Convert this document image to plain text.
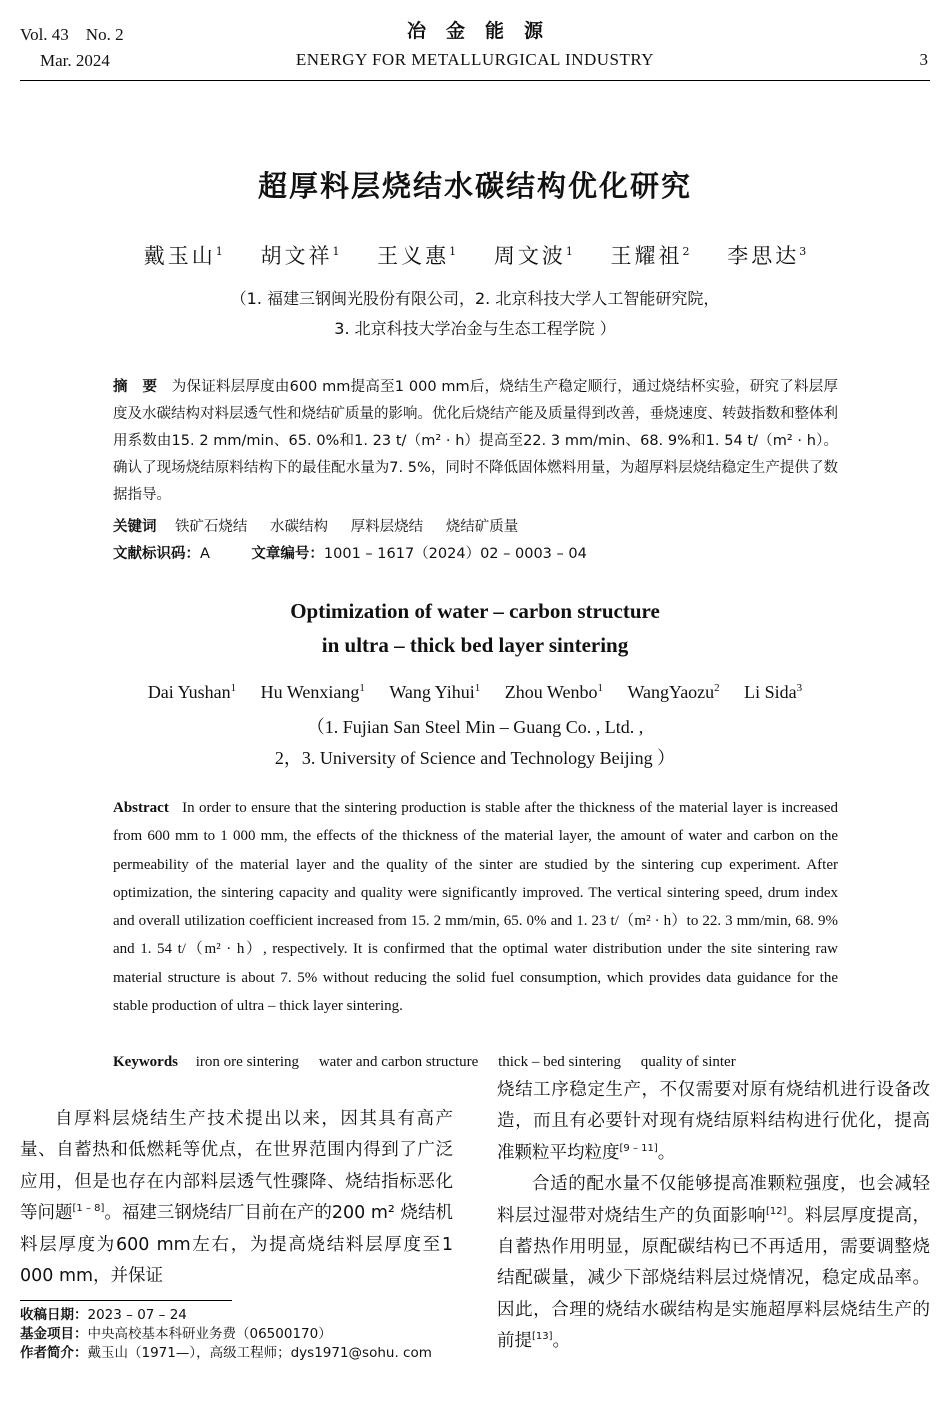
Vol. 43　No. 2
Mar. 2024
冶金能源
ENERGY FOR METALLURGICAL INDUSTRY	3
超厚料层烧结水碳结构优化研究
戴玉山$^1$ 胡文祥$^1$ 王义惠$^1$ 周文波$^1$ 王耀祖$^2$ 李思达$^3$
（1. 福建三钢闽光股份有限公司，2. 北京科技大学人工智能研究院，
3. 北京科技大学冶金与生态工程学院 ）
摘　要 为保证料层厚度由600 mm提高至1 000 mm后，烧结生产稳定顺行，通过烧结杯实验，研究了料层厚度及水碳结构对料层透气性和烧结矿质量的影响。优化后烧结产能及质量得到改善，垂烧速度、转鼓指数和整体利用系数由15. 2 mm/min、65. 0%和1. 23 t/（m² · h）提高至22. 3 mm/min、68. 9%和1. 54 t/（m² · h）。确认了现场烧结原料结构下的最佳配水量为7. 5%，同时不降低固体燃料用量，为超厚料层烧结稳定生产提供了数据指导。
关键词 铁矿石烧结 水碳结构 厚料层烧结 烧结矿质量
文献标识码：A	文章编号：1001 – 1617（2024）02 – 0003 – 04
Optimization of water – carbon structure
in ultra – thick bed layer sintering
Dai Yushan$^1$ Hu Wenxiang$^1$ Wang Yihui$^1$ Zhou Wenbo$^1$ WangYaozu$^2$ Li Sida$^3$
（1. Fujian San Steel Min – Guang Co. , Ltd. ,
2，3. University of Science and Technology Beijing ）
Abstract In order to ensure that the sintering production is stable after the thickness of the material layer is increased from 600 mm to 1 000 mm, the effects of the thickness of the material layer, the amount of water and carbon on the permeability of the material layer and the quality of the sinter are studied by the sintering cup experiment. After optimization, the sintering capacity and quality were significantly improved. The vertical sintering speed, drum index and overall utilization coefficient increased from 15. 2 mm/min, 65. 0% and 1. 23 t/（m² · h）to 22. 3 mm/min, 68. 9% and 1. 54 t/（m² · h）, respectively. It is confirmed that the optimal water distribution under the site sintering raw material structure is about 7. 5% without reducing the solid fuel consumption, which provides data guidance for the stable production of ultra – thick layer sintering.
Keywords iron ore sintering water and carbon structure thick – bed sintering quality of sinter

自厚料层烧结生产技术提出以来，因其具有高产量、自蓄热和低燃耗等优点，在世界范围内得到了广泛应用，但是也存在内部料层透气性骤降、烧结指标恶化等问题[1 – 8]。福建三钢烧结厂目前在产的200 m² 烧结机料层厚度为600 mm左右，为提高烧结料层厚度至1 000 mm，并保证

烧结工序稳定生产，不仅需要对原有烧结机进行设备改造，而且有必要针对现有烧结原料结构进行优化，提高准颗粒平均粒度[9 – 11]。

合适的配水量不仅能够提高准颗粒强度，也会减轻料层过湿带对烧结生产的负面影响[12]。料层厚度提高，自蓄热作用明显，原配碳结构已不再适用，需要调整烧结配碳量，减少下部烧结料层过烧情况，稳定成品率。因此，合理的烧结水碳结构是实施超厚料层烧结生产的前提[13]。

收稿日期：2023 – 07 – 24
基金项目：中央高校基本科研业务费（06500170）
作者简介：戴玉山（1971—），高级工程师；dys1971@sohu. com
